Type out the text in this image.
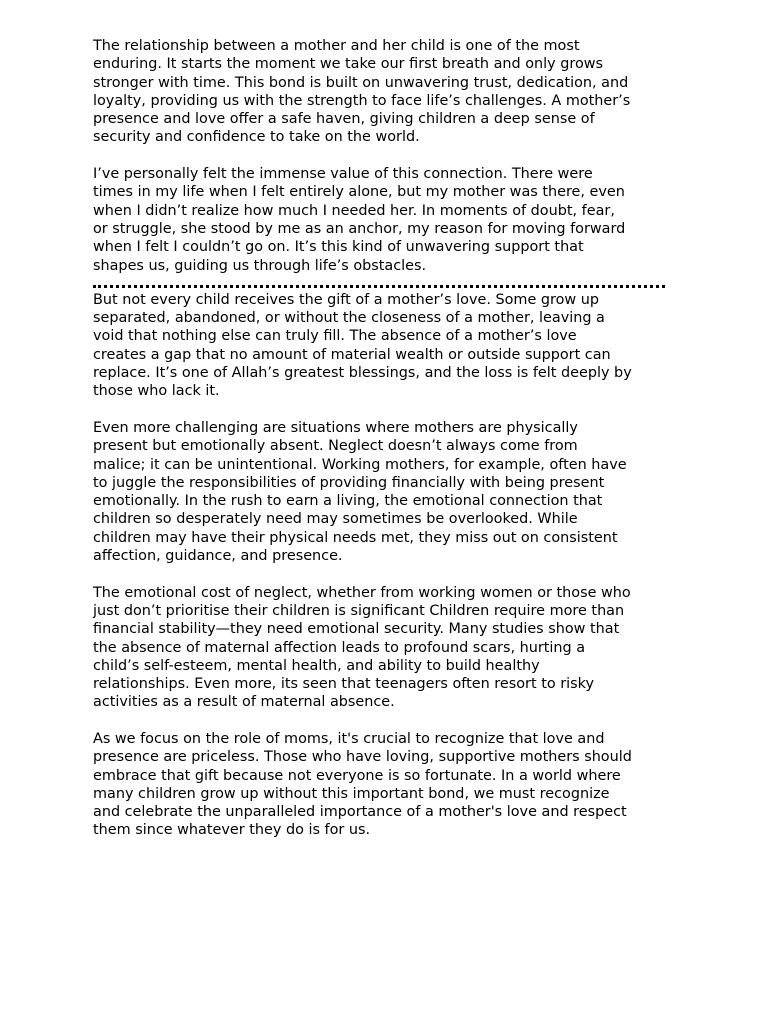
The relationship between a mother and her child is one of the most
enduring. It starts the moment we take our first breath and only grows
stronger with time. This bond is built on unwavering trust, dedication, and
loyalty, providing us with the strength to face life’s challenges. A mother’s
presence and love offer a safe haven, giving children a deep sense of
security and confidence to take on the world.

I’ve personally felt the immense value of this connection. There were
times in my life when I felt entirely alone, but my mother was there, even
when I didn’t realize how much I needed her. In moments of doubt, fear,
or struggle, she stood by me as an anchor, my reason for moving forward
when I felt I couldn’t go on. It’s this kind of unwavering support that
shapes us, guiding us through life’s obstacles.

But not every child receives the gift of a mother’s love. Some grow up
separated, abandoned, or without the closeness of a mother, leaving a
void that nothing else can truly fill. The absence of a mother’s love
creates a gap that no amount of material wealth or outside support can
replace. It’s one of Allah’s greatest blessings, and the loss is felt deeply by
those who lack it.

Even more challenging are situations where mothers are physically
present but emotionally absent. Neglect doesn’t always come from
malice; it can be unintentional. Working mothers, for example, often have
to juggle the responsibilities of providing financially with being present
emotionally. In the rush to earn a living, the emotional connection that
children so desperately need may sometimes be overlooked. While
children may have their physical needs met, they miss out on consistent
affection, guidance, and presence.

The emotional cost of neglect, whether from working women or those who
just don’t prioritise their children is significant Children require more than
financial stability—they need emotional security. Many studies show that
the absence of maternal affection leads to profound scars, hurting a
child’s self-esteem, mental health, and ability to build healthy
relationships. Even more, its seen that teenagers often resort to risky
activities as a result of maternal absence.

As we focus on the role of moms, it's crucial to recognize that love and
presence are priceless. Those who have loving, supportive mothers should
embrace that gift because not everyone is so fortunate. In a world where
many children grow up without this important bond, we must recognize
and celebrate the unparalleled importance of a mother's love and respect
them since whatever they do is for us.
